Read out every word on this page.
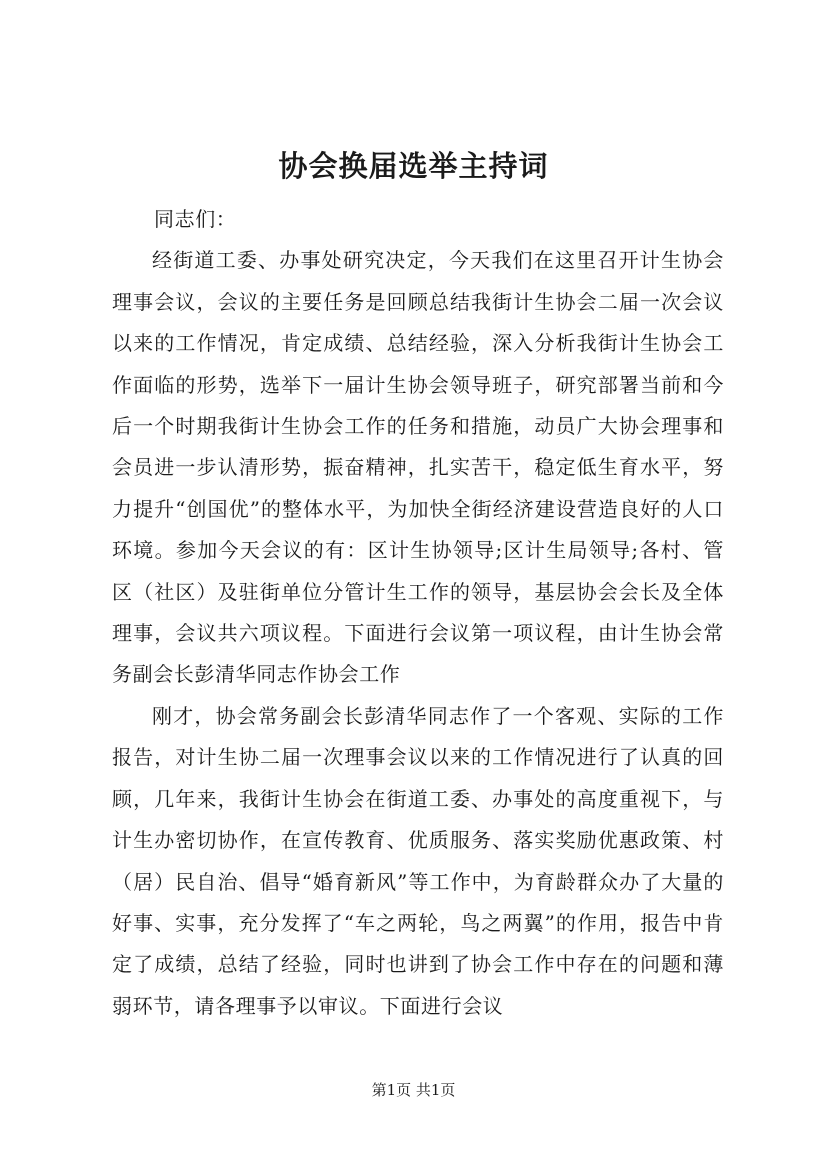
协会换届选举主持词

同志们：

经街道工委、办事处研究决定，今天我们在这里召开计生协会理事会议，会议的主要任务是回顾总结我街计生协会二届一次会议以来的工作情况，肯定成绩、总结经验，深入分析我街计生协会工作面临的形势，选举下一届计生协会领导班子，研究部署当前和今后一个时期我街计生协会工作的任务和措施，动员广大协会理事和会员进一步认清形势，振奋精神，扎实苦干，稳定低生育水平，努力提升“创国优”的整体水平，为加快全街经济建设营造良好的人口环境。参加今天会议的有：区计生协领导;区计生局领导;各村、管区（社区）及驻街单位分管计生工作的领导，基层协会会长及全体理事，会议共六项议程。下面进行会议第一项议程，由计生协会常务副会长彭清华同志作协会工作

刚才，协会常务副会长彭清华同志作了一个客观、实际的工作报告，对计生协二届一次理事会议以来的工作情况进行了认真的回顾，几年来，我街计生协会在街道工委、办事处的高度重视下，与计生办密切协作，在宣传教育、优质服务、落实奖励优惠政策、村（居）民自治、倡导“婚育新风”等工作中，为育龄群众办了大量的好事、实事，充分发挥了“车之两轮，鸟之两翼”的作用，报告中肯定了成绩，总结了经验，同时也讲到了协会工作中存在的问题和薄弱环节，请各理事予以审议。下面进行会议

第1页 共1页
